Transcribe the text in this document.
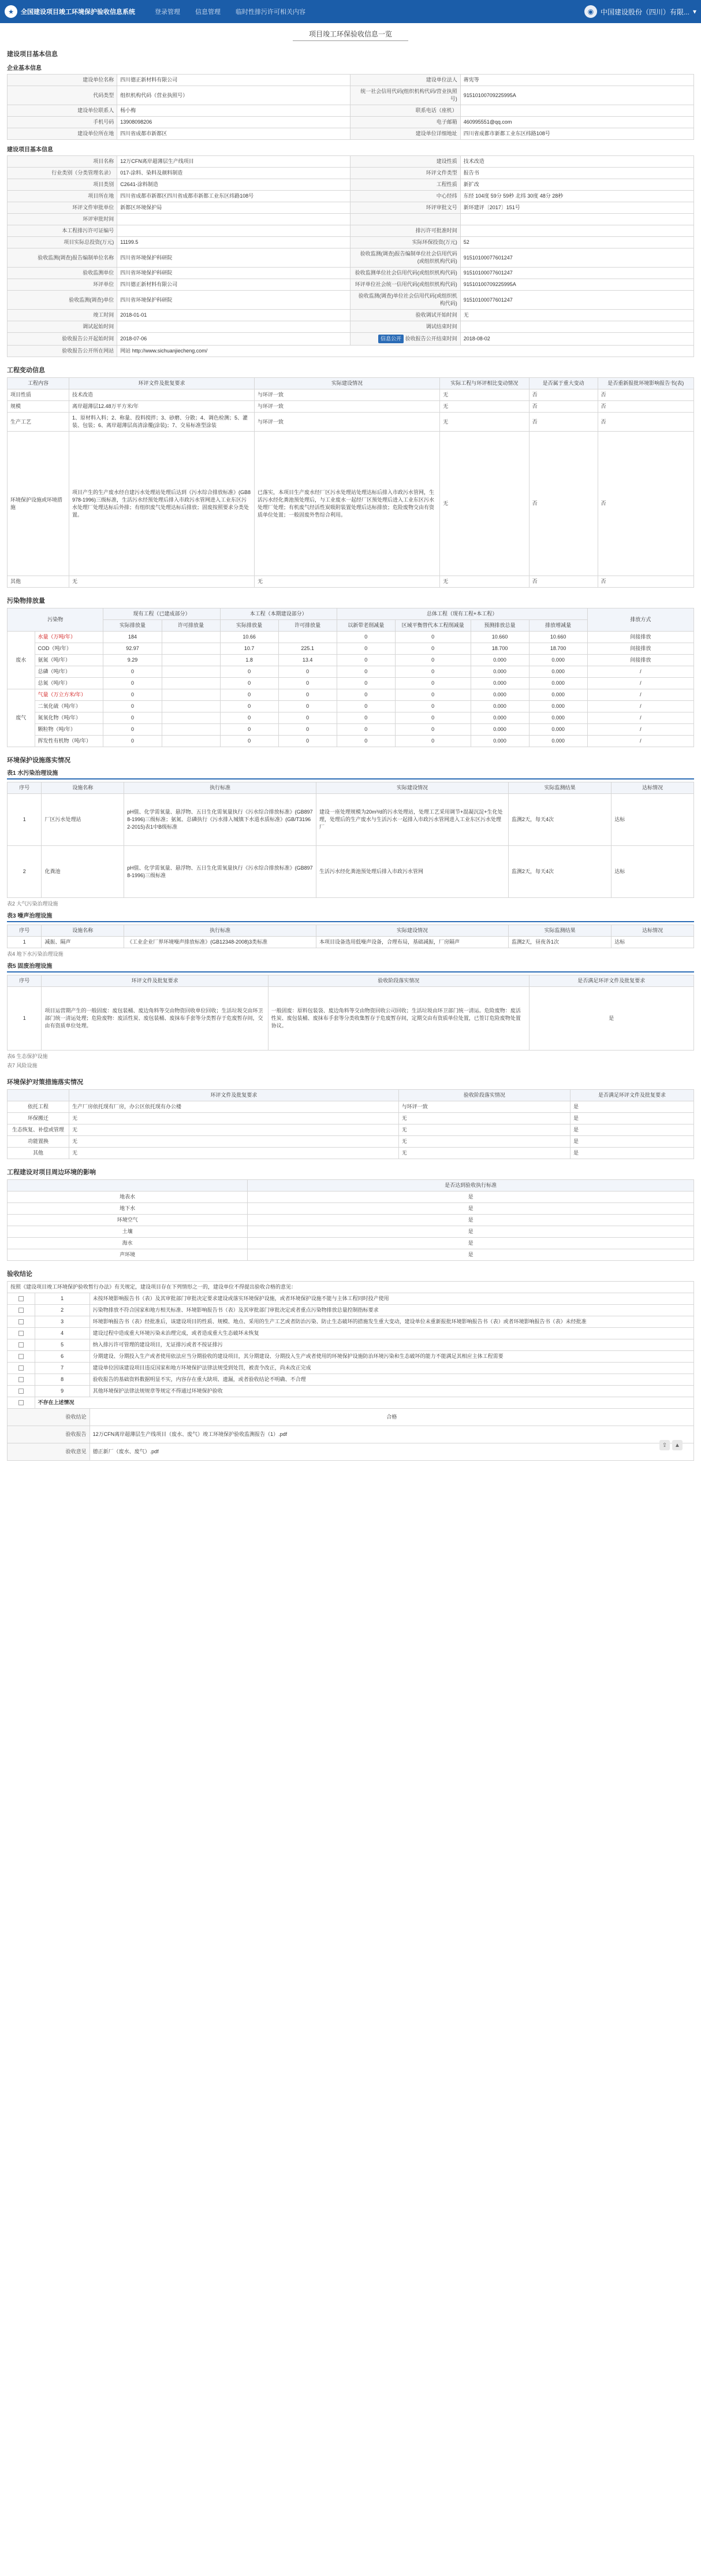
★	全国建设项目竣工环境保护验收信息系统	登录管理 信息管理 临时性排污许可相关内容	◉ 中国建设股份（四川）有限... ▾
项目竣工环保验收信息一览
建设项目基本信息
企业基本信息
建设单位名称	四川德正新材料有限公司	建设单位法人	蒋宪等
代码类型	组织机构代码（营业执照号）	统一社会信用代码(组织机构代码/营业执照号)	91510100709225995A
建设单位联系人	杨小梅	联系电话（座机）	
手机号码	13908098206	电子邮箱	460995551@qq.com
建设单位所在地	四川省成都市新都区	建设单位详细地址	四川省成都市新都工业东区纬路108号
建设项目基本信息
项目名称	12万CFN离岸超薄层生产线项目	建设性质	技术改造
行业类别（分类管理名录）	017-涂料、染料及颜料制造	环评文件类型	报告书
项目类别	C2641-涂料制造	工程性质	新扩改
项目所在地	四川省成都市新都区四川省成都市新都工业东区纬路108号	中心经纬	东经 104度 59分 59秒 北纬 30度 48分 28秒
环评文件审批单位	新都区环境保护局	环评审批文号	新环建评〔2017〕151号
环评审批时间			
本工程排污许可证编号		排污许可批准时间	
项目实际总投资(万元)	11199.5	实际环保投资(万元)	52
验收监测(调查)报告编制单位名称	四川省环境保护科研院	验收监测(调查)报告编制单位社会信用代码(或组织机构代码)	91510100077601247
验收监测单位	四川省环境保护科研院	验收监测单位社会信用代码(或组织机构代码)	91510100077601247
环评单位	四川德正新材料有限公司	环评单位社会统一信用代码(或组织机构代码)	91510100709225995A
验收监测(调查)单位	四川省环境保护科研院	验收监测(调查)单位社会信用代码(或组织机构代码)	91510100077601247
竣工时间	2018-01-01	验收调试开始时间	无
调试起始时间		调试结束时间	
验收报告公开起始时间	2018-07-06	信息公开 验收报告公开结束时间	2018-08-02
验收报告公开所在网站	网站 http://www.sichuanjiecheng.com/		
工程变动信息
工程内容	环评文件及批复要求	实际建设情况	实际工程与环评相比变动情况	是否属于重大变动	是否重新报批环境影响报告书(表)
项目性质	技术改造	与环评一致	无	否	否
规模	离岸超薄层12.48万平方米/年	与环评一致	无	否	否
生产工艺	1、原材料入料；2、称量、投料搅拌；3、砂磨、分散；4、调色检测；5、灌装、包装；6、离岸超薄层高清涂覆(涂装)；7、交易标准型涂装	与环评一致	无	否	否
环境保护设施或环境措施	项目产生的生产废水经自建污水处理站处理后达到《污水综合排放标准》(GB8978-1996)三级标准，生活污水经预处理后排入市政污水管网进入工业东区污水处理厂处理达标后外排；有组织废气处理达标后排放；固废按照要求分类处置。	已落实，本项目生产废水经厂区污水处理站处理达标后排入市政污水管网，生活污水经化粪池预处理后，与工业废水一起经厂区预处理后进入工业东区污水处理厂处理；有机废气经活性炭吸附装置处理后达标排放；危险废物交由有资质单位处置；一般固废外售综合利用。	无	否	否
其他	无	无	无	否	否
污染物排放量
污染物		现有工程（已建成部分）		本工程（本期建设部分）		总体工程（现有工程+本工程）				排放方式
		实际排放量	许可排放量	实际排放量	许可排放量	以新带老削减量	区域平衡替代本工程削减量	预测排放总量	排放增减量	
废水	水量（万吨/年）	184		10.66		0	0	10.660	10.660	间接排放
	COD（吨/年）	92.97		10.7	225.1	0	0	18.700	18.700	间接排放
	氨氮（吨/年）	9.29		1.8	13.4	0	0	0.000	0.000	间接排放
	总磷（吨/年）	0		0	0	0	0	0.000	0.000	/
	总氮（吨/年）	0		0	0	0	0	0.000	0.000	/
废气	气量（万立方米/年）	0		0	0	0	0	0.000	0.000	/
	二氧化硫（吨/年）	0		0	0	0	0	0.000	0.000	/
	氮氧化物（吨/年）	0		0	0	0	0	0.000	0.000	/
	颗粒物（吨/年）	0		0	0	0	0	0.000	0.000	/
	挥发性有机物（吨/年）	0		0	0	0	0	0.000	0.000	/
环境保护设施落实情况
表1 水污染治理设施
序号	设施名称	执行标准	实际建设情况	实际监测结果	达标情况
1	厂区污水处理站	pH值、化学需氧量、悬浮物、五日生化需氧量执行《污水综合排放标准》(GB8978-1996)三级标准；氨氮、总磷执行《污水排入城镇下水道水质标准》(GB/T31962-2015)表1中B级标准	建设一座处理规模为20m³/d的污水处理站，处理工艺采用调节+混凝沉淀+生化处理，处理后的生产废水与生活污水一起排入市政污水管网进入工业东区污水处理厂	监测2天，每天4次	达标
2	化粪池	pH值、化学需氧量、悬浮物、五日生化需氧量执行《污水综合排放标准》(GB8978-1996)三级标准	生活污水经化粪池预处理后排入市政污水管网	监测2天，每天4次	达标
表2 大气污染治理设施
表3 噪声治理设施
序号	设施名称	执行标准	实际建设情况	实际监测结果	达标情况
1	减振、隔声	《工业企业厂界环境噪声排放标准》(GB12348-2008)3类标准	本项目设备选用低噪声设备，合理布局，基础减振，厂房隔声	监测2天，昼夜各1次	达标
表4 地下水污染治理设施
表5 固废治理设施
序号	环评文件及批复要求	验收阶段落实情况	是否满足环评文件及批复要求
1	项目运营期产生的一般固废：废包装桶、废边角料等交由物资回收单位回收；生活垃圾交由环卫部门统一清运处理；危险废物：废活性炭、废包装桶、废抹布手套等分类暂存于危废暂存间，交由有资质单位处理。	一般固废：原料包装袋、废边角料等交由物资回收公司回收；生活垃圾由环卫部门统一清运。危险废物：废活性炭、废包装桶、废抹布手套等分类收集暂存于危废暂存间，定期交由有资质单位处置，已签订危险废物处置协议。	是
表6 生态保护设施
表7 风险设施
环境保护对策措施落实情况
	环评文件及批复要求	验收阶段落实情况	是否满足环评文件及批复要求
依托工程	生产厂房依托现有厂房，办公区依托现有办公楼	与环评一致	是
环保搬迁	无	无	是
生态恢复、补偿或管理	无	无	是
功能置换	无	无	是
其他	无	无	是
工程建设对项目周边环境的影响
	是否达到验收执行标准
地表水	是
地下水	是
环境空气	是
土壤	是
海水	是
声环境	是
验收结论
按照《建设项目竣工环境保护验收暂行办法》有关规定，建设项目存在下列情形之一的，建设单位不得提出验收合格的意见：		
	1	未按环境影响报告书（表）及其审批部门审批决定要求建设或落实环境保护设施，或者环境保护设施不能与主体工程同时投产使用
	2	污染物排放不符合国家和地方相关标准、环境影响报告书（表）及其审批部门审批决定或者重点污染物排放总量控制指标要求
	3	环境影响报告书（表）经批准后，该建设项目的性质、规模、地点、采用的生产工艺或者防治污染、防止生态破坏的措施发生重大变动，建设单位未重新报批环境影响报告书（表）或者环境影响报告书（表）未经批准
	4	建设过程中造成重大环境污染未治理完成，或者造成重大生态破坏未恢复
	5	纳入排污许可管理的建设项目，无证排污或者不按证排污
	6	分期建设、分期投入生产或者使用依法应当分期验收的建设项目，其分期建设、分期投入生产或者使用的环境保护设施防治环境污染和生态破坏的能力不能满足其相应主体工程需要
	7	建设单位因该建设项目违反国家和地方环境保护法律法规受到处罚，被责令改正，尚未改正完成
	8	验收报告的基础资料数据明显不实，内容存在重大缺项、遗漏，或者验收结论不明确、不合理
	9	其他环境保护法律法规规章等规定不得通过环境保护验收
	不存在上述情况	
验收结论		合格
验收报告		12万CFN离岸超薄层生产线项目（废水、废气）竣工环境保护验收监测报告（1）.pdf
验收意见		德正新厂（废水、废气）.pdf
⇪	▲
